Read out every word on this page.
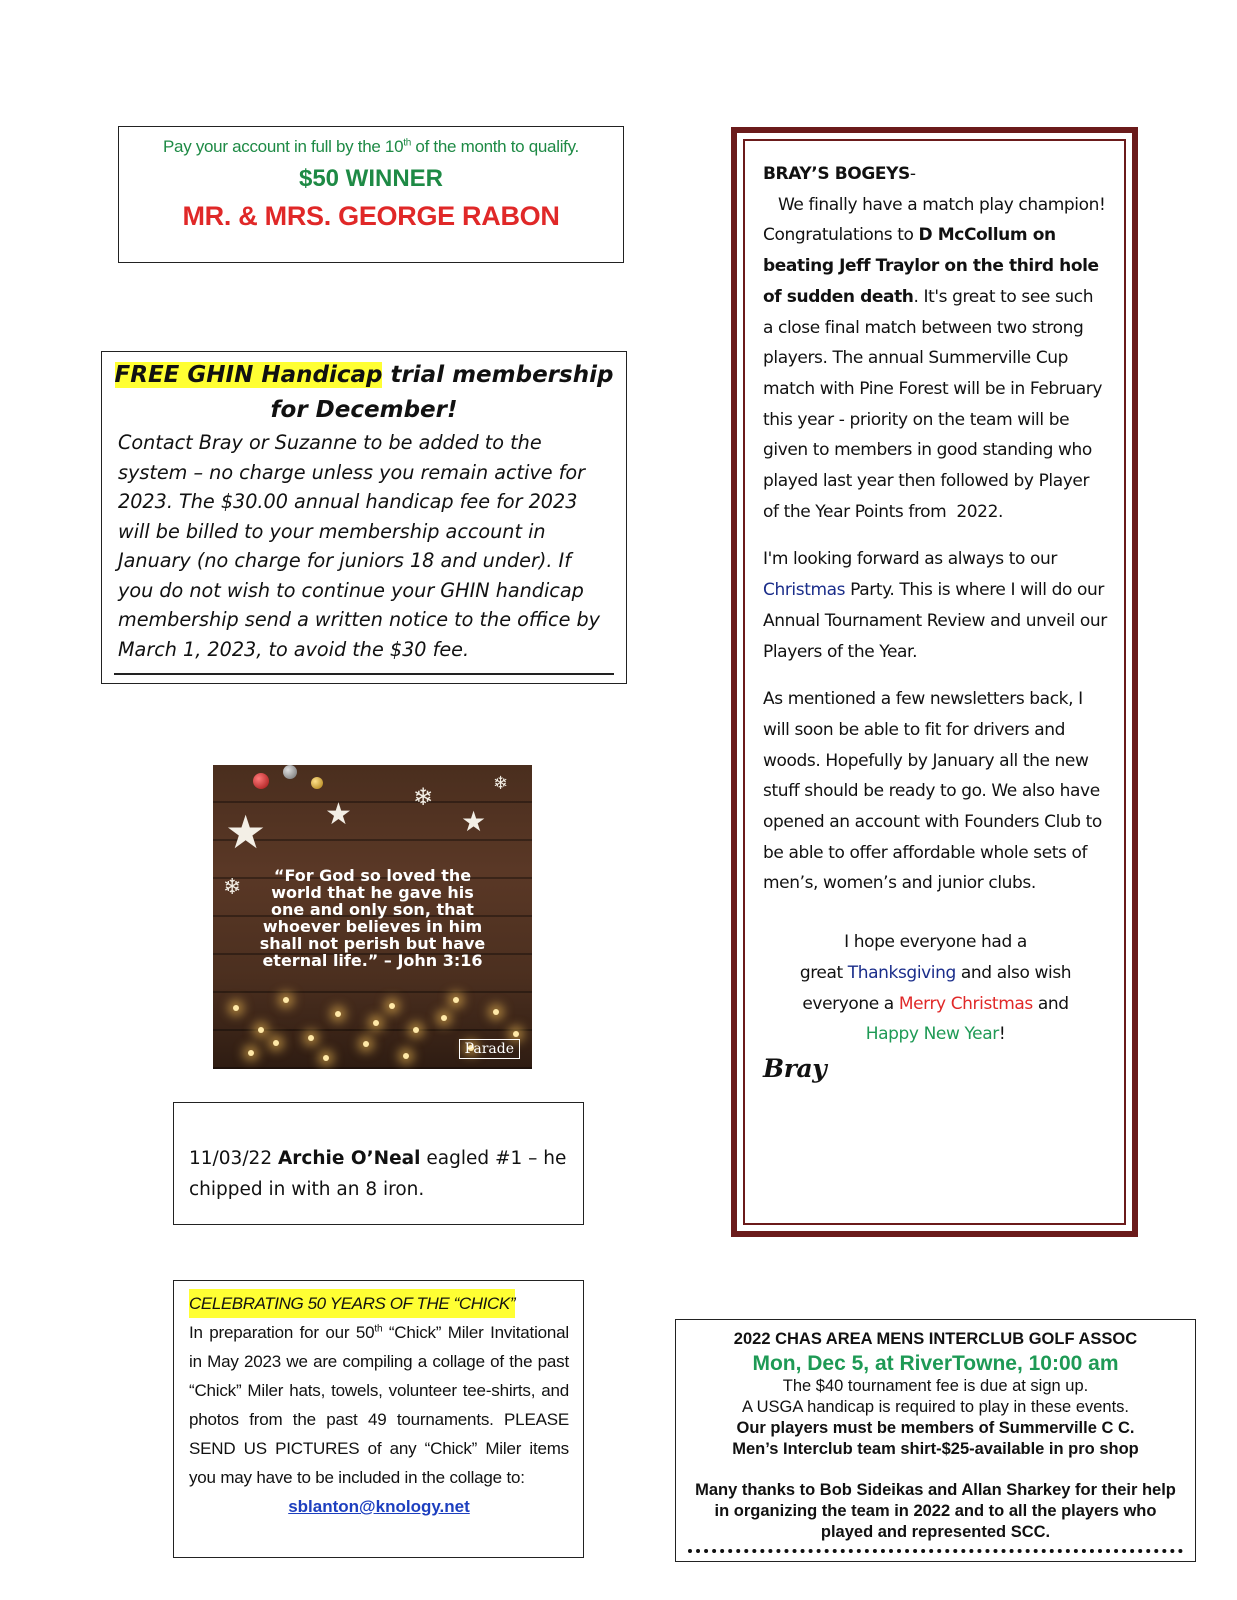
Pay your account in full by the 10th of the month to qualify.
$50 WINNER
MR. & MRS. GEORGE RABON
FREE GHIN Handicap trial membership
for December!
Contact Bray or Suzanne to be added to the system – no charge unless you remain active for 2023. The $30.00 annual handicap fee for 2023 will be billed to your membership account in January (no charge for juniors 18 and under). If you do not wish to continue your GHIN handicap membership send a written notice to the office by March 1, 2023, to avoid the $30 fee.
★ ★	★
❄	❄
❄	“For God so loved the
world that he gave his
one and only son, that
whoever believes in him
shall not perish but have
eternal life.” – John 3:16
Parade
11/03/22 Archie O’Neal eagled #1 – he chipped in with an 8 iron.
CELEBRATING 50 YEARS OF THE “CHICK”
In preparation for our 50th “Chick” Miler Invitational in May 2023 we are compiling a collage of the past “Chick” Miler hats, towels, volunteer tee-shirts, and photos from the past 49 tournaments. PLEASE SEND US PICTURES of any “Chick” Miler items you may have to be included in the collage to:
sblanton@knology.net
BRAY’S BOGEYS-
We finally have a match play champion!   Congratulations to D McCollum on beating Jeff Traylor on the third hole of sudden death. It's great to see such a close final match between two strong players. The annual Summerville Cup match with Pine Forest will be in February this year - priority on the team will be given to members in good standing who played last year then followed by Player of the Year Points from  2022.
I'm looking forward as always to our Christmas Party. This is where I will do our Annual Tournament Review and unveil our Players of the Year.
As mentioned a few newsletters back, I will soon be able to fit for drivers and woods. Hopefully by January all the new stuff should be ready to go. We also have opened an account with Founders Club to be able to offer affordable whole sets of men’s, women’s and junior clubs.
I hope everyone had a
great Thanksgiving and also wish
everyone a Merry Christmas and
Happy New Year!
Bray
2022 CHAS AREA MENS INTERCLUB GOLF ASSOC
Mon, Dec 5, at RiverTowne, 10:00 am
The $40 tournament fee is due at sign up.
A USGA handicap is required to play in these events.
Our players must be members of Summerville C C.
Men’s Interclub team shirt-$25-available in pro shop
Many thanks to Bob Sideikas and Allan Sharkey for their help in organizing the team in 2022 and to all the players who played and represented SCC.
